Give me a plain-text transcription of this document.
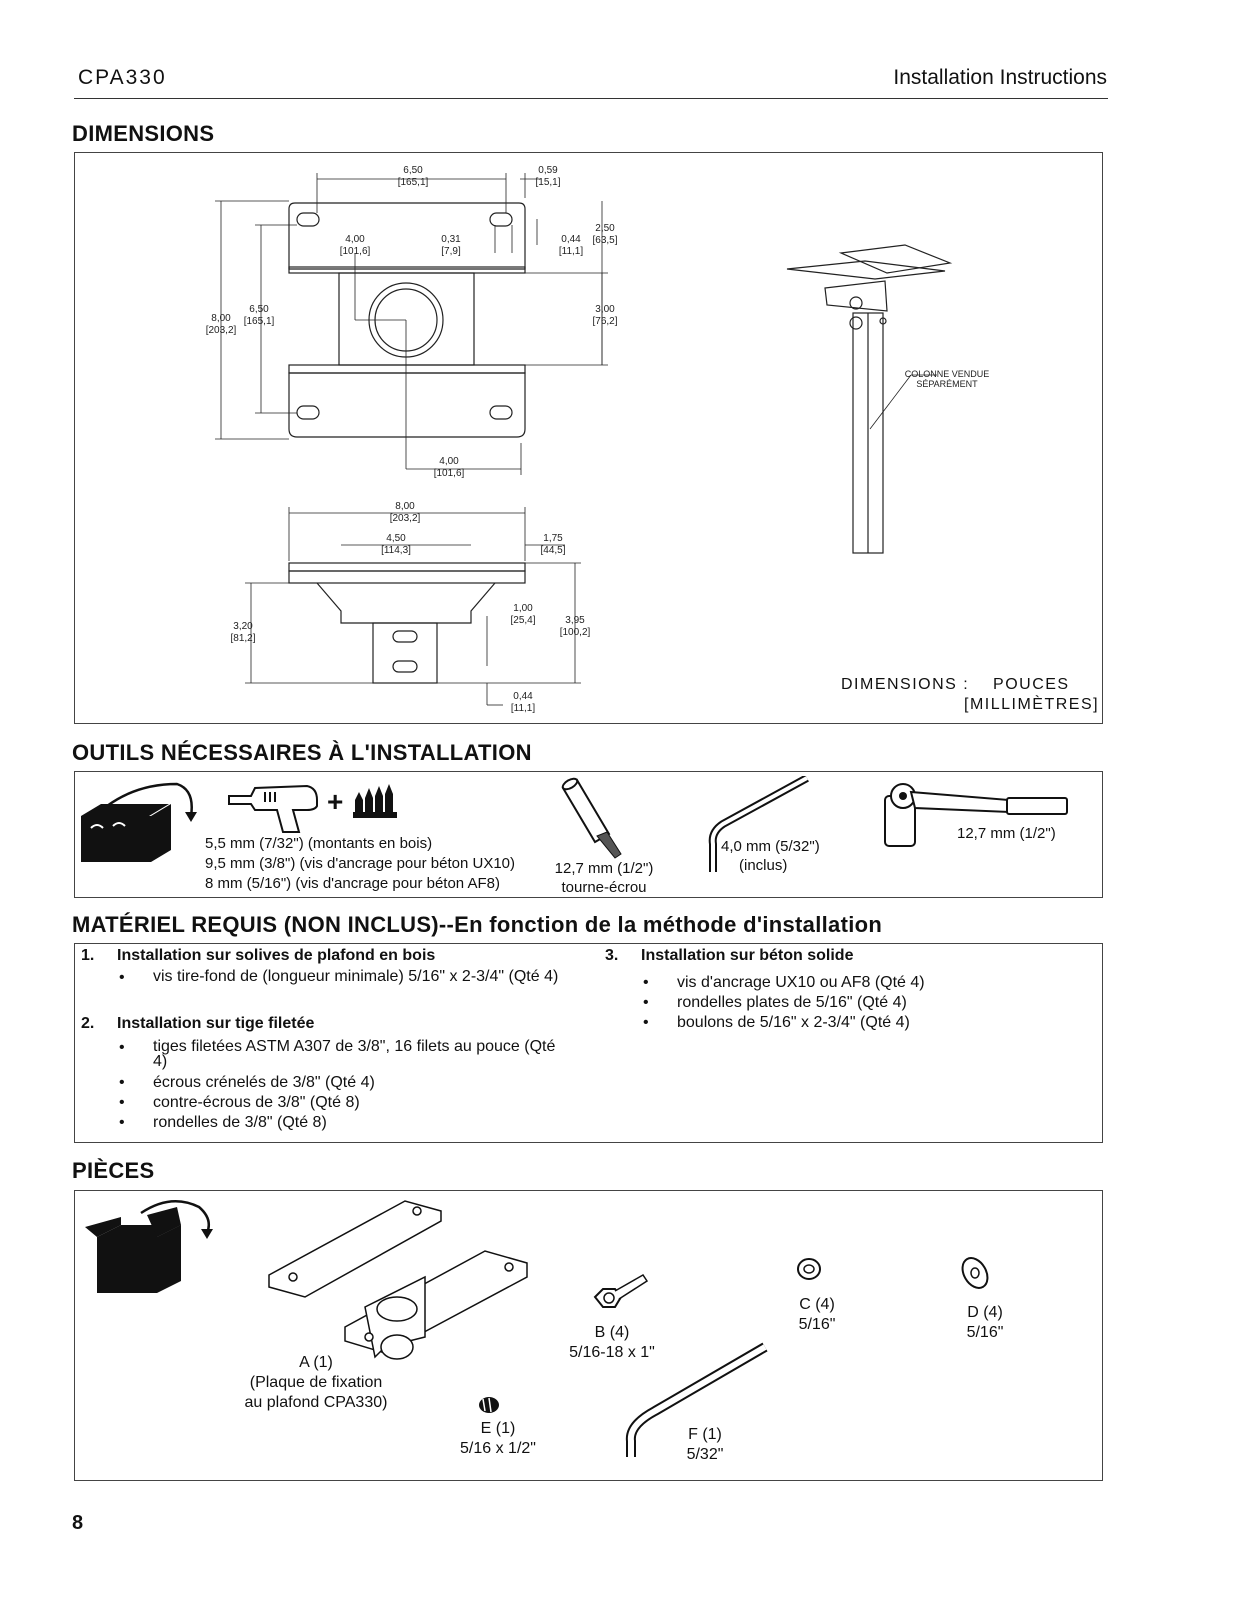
CPA330	Installation Instructions
DIMENSIONS
6,50
[165,1]
0,59
[15,1]
4,00
[101,6]
0,31
[7,9]
0,44
[11,1]
2,50
[63,5]
8,00
[203,2]
6,50
[165,1]
3,00
[76,2]
4,00
[101,6]
8,00
[203,2]
4,50
[114,3]
1,75
[44,5]
3,20
[81,2]
1,00
[25,4]	3,95
[100,2]
0,44
[11,1]
COLONNE VENDUE
SÉPARÉMENT
DIMENSIONS :    POUCES
[MILLIMÈTRES]
OUTILS NÉCESSAIRES À L'INSTALLATION
+
5,5 mm (7/32") (montants en bois)
9,5 mm (3/8") (vis d'ancrage pour béton UX10)
8 mm (5/16") (vis d'ancrage pour béton AF8)
12,7 mm (1/2")
tourne-écrou
4,0 mm (5/32")
(inclus)
12,7 mm (1/2")
MATÉRIEL REQUIS (NON INCLUS)--En fonction de la méthode d'installation
1. Installation sur solives de plafond en bois
• vis tire-fond de (longueur minimale) 5/16" x 2-3/4" (Qté 4)
2. Installation sur tige filetée
• tiges filetées ASTM A307 de 3/8", 16 filets au pouce (Qté 4)
• écrous crénelés de 3/8" (Qté 4)
• contre-écrous de 3/8" (Qté 8)
• rondelles de 3/8" (Qté 8)
3. Installation sur béton solide
• vis d'ancrage UX10 ou AF8 (Qté 4)
• rondelles plates de 5/16" (Qté 4)
• boulons de 5/16" x 2-3/4" (Qté 4)
PIÈCES
A (1)
(Plaque de fixation
au plafond CPA330)
B (4)
5/16-18 x 1"
C (4)
5/16"
D (4)
5/16"
E (1)
5/16 x 1/2"
F (1)
5/32"
8
